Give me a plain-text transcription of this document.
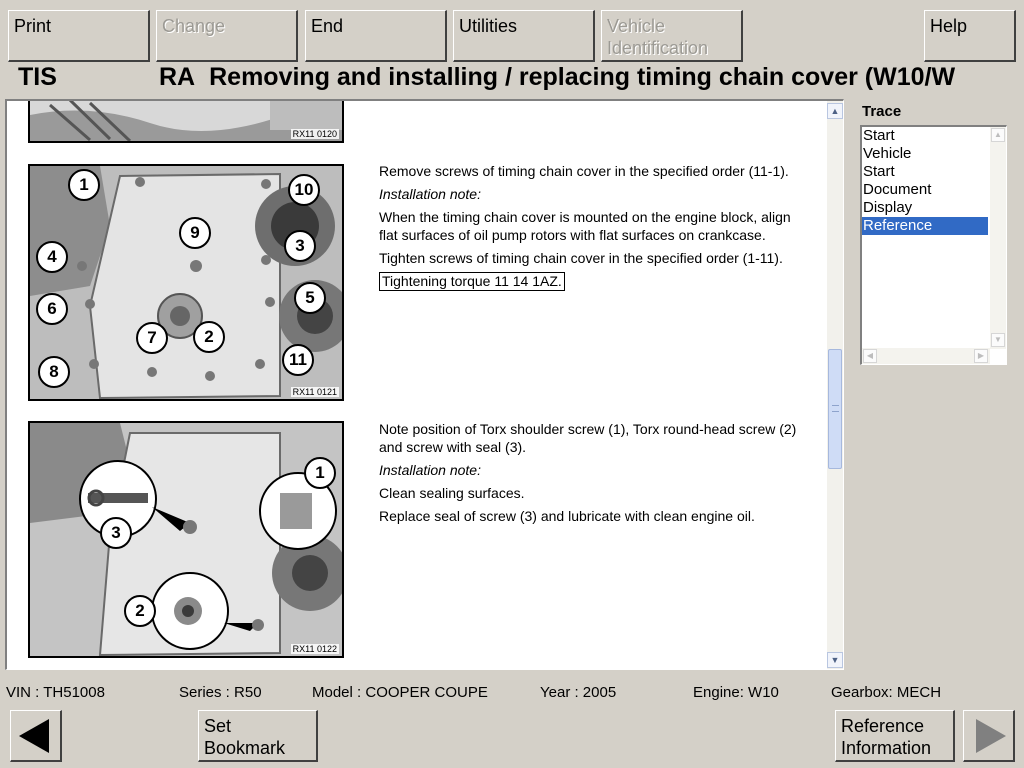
Print	Change	End	Utilities	Vehicle
Identification
Help
TIS	RA Removing and installing / replacing timing chain cover (W10/W
RX11 0120
1	10
9
4
3
6
5
7	2
8
11
RX11 0121
1
3
2
RX11 0122

Remove screws of timing chain cover in the specified order (11-1).

Installation note:

When the timing chain cover is mounted on the engine block, align flat surfaces of oil pump rotors with flat surfaces on crankcase.

Tighten screws of timing chain cover in the specified order (1-11).

Tightening torque 11 14 1AZ.

Note position of Torx shoulder screw (1), Torx round-head screw (2) and screw with seal (3).

Installation note:

Clean sealing surfaces.

Replace seal of screw (3) and lubricate with clean engine oil.

▲
▼
Trace
Start
Vehicle
Start
Document
Display
Reference
▲
▼
◀	▶
VIN : TH51008	Series : R50	Model : COOPER COUPE	Year : 2005	Engine: W10	Gearbox: MECH
Set
Bookmark
Reference
Information
